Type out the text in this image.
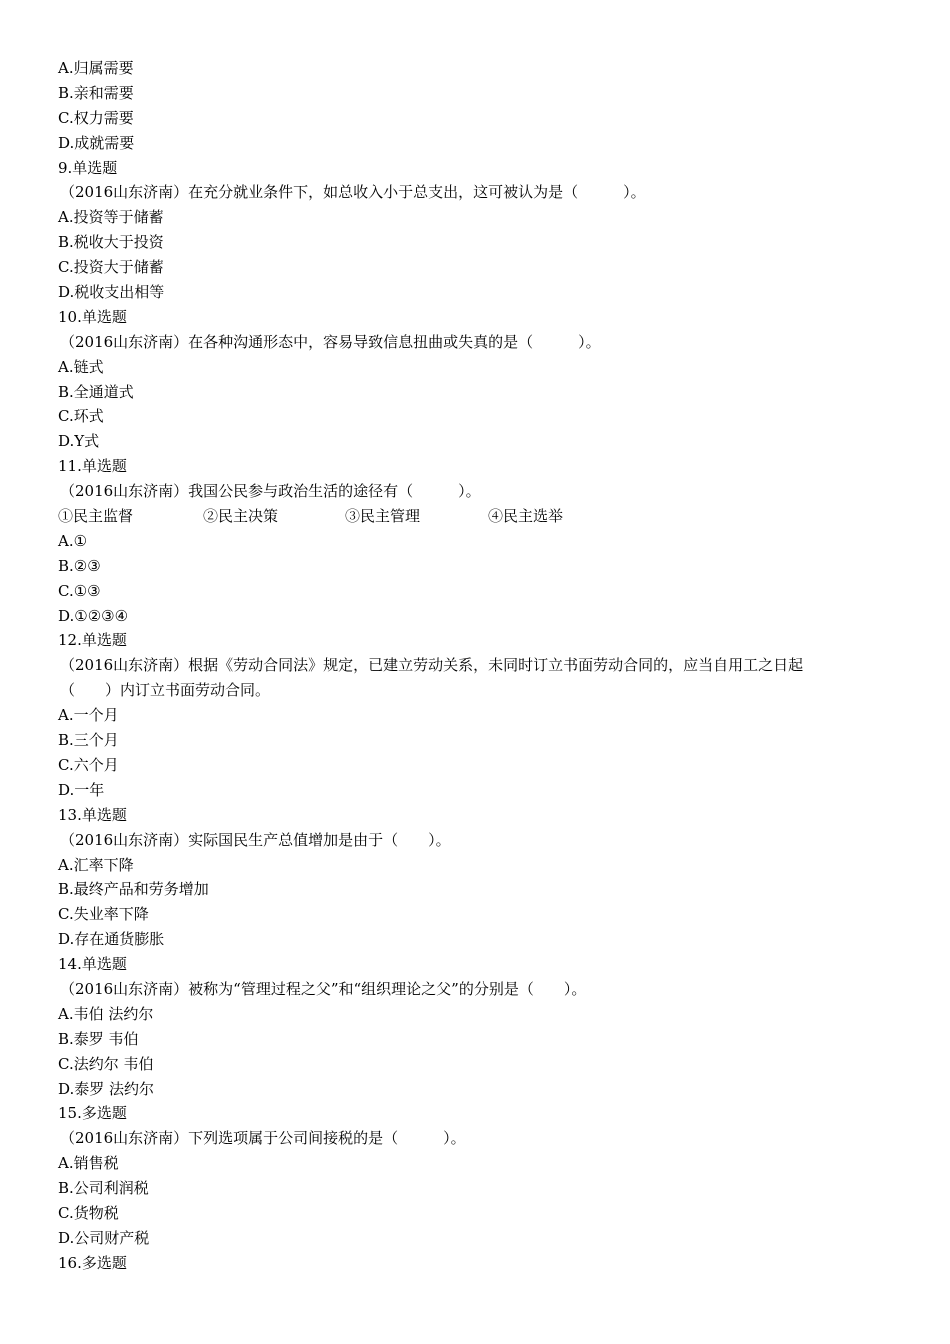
A.归属需要
B.亲和需要
C.权力需要
D.成就需要
9.单选题
（2016山东济南）在充分就业条件下，如总收入小于总支出，这可被认为是（　　　）。
A.投资等于储蓄
B.税收大于投资
C.投资大于储蓄
D.税收支出相等
10.单选题
（2016山东济南）在各种沟通形态中，容易导致信息扭曲或失真的是（　　　）。
A.链式
B.全通道式
C.环式
D.Y式
11.单选题
（2016山东济南）我国公民参与政治生活的途径有（　　　）。
①民主监督	②民主决策	③民主管理	④民主选举
A.①
B.②③
C.①③
D.①②③④
12.单选题
（2016山东济南）根据《劳动合同法》规定，已建立劳动关系，未同时订立书面劳动合同的，应当自用工之日起
（　　）内订立书面劳动合同。
A.一个月
B.三个月
C.六个月
D.一年
13.单选题
（2016山东济南）实际国民生产总值增加是由于（　　）。
A.汇率下降
B.最终产品和劳务增加
C.失业率下降
D.存在通货膨胀
14.单选题
（2016山东济南）被称为“管理过程之父”和“组织理论之父”的分别是（　　）。
A.韦伯 法约尔
B.泰罗 韦伯
C.法约尔 韦伯
D.泰罗 法约尔
15.多选题
（2016山东济南）下列选项属于公司间接税的是（　　　）。
A.销售税
B.公司利润税
C.货物税
D.公司财产税
16.多选题
